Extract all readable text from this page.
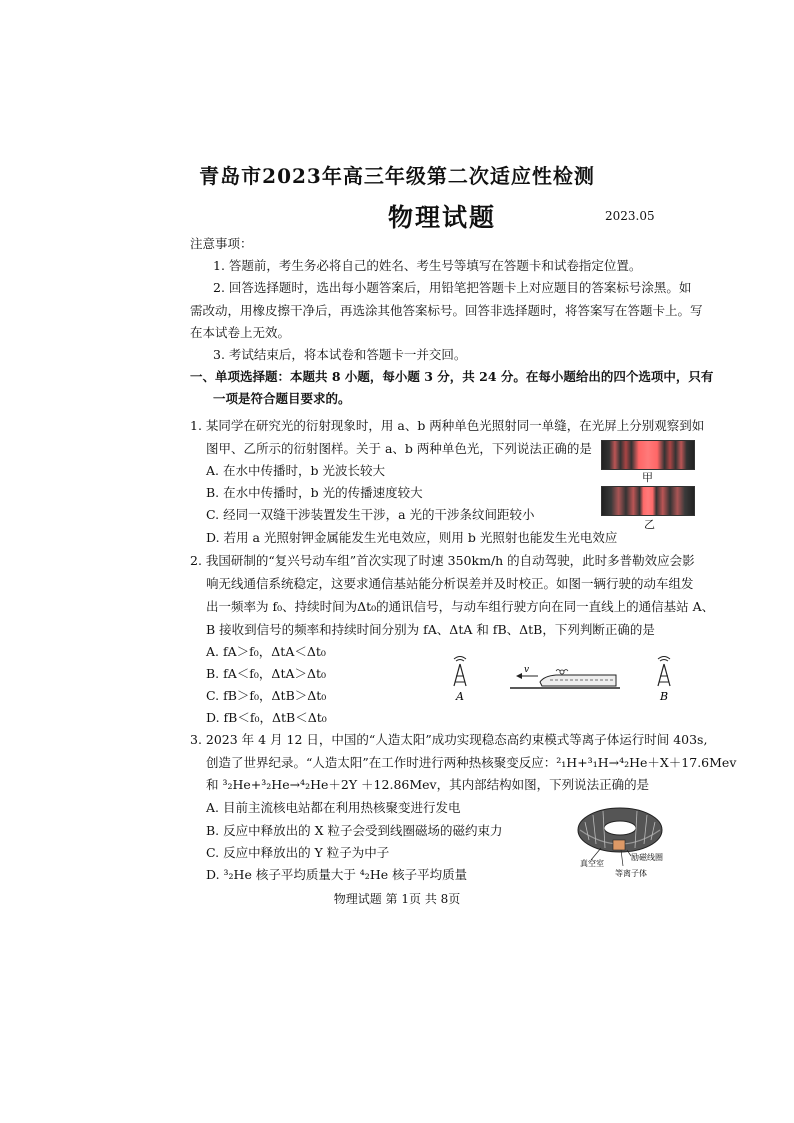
青岛市2023年高三年级第二次适应性检测
物理试题	2023.05
注意事项：
1. 答题前，考生务必将自己的姓名、考生号等填写在答题卡和试卷指定位置。
2. 回答选择题时，选出每小题答案后，用铅笔把答题卡上对应题目的答案标号涂黑。如
需改动，用橡皮擦干净后，再选涂其他答案标号。回答非选择题时，将答案写在答题卡上。写
在本试卷上无效。
3. 考试结束后，将本试卷和答题卡一并交回。
一、单项选择题：本题共 8 小题，每小题 3 分，共 24 分。在每小题给出的四个选项中，只有
一项是符合题目要求的。
1. 某同学在研究光的衍射现象时，用 a、b 两种单色光照射同一单缝，在光屏上分别观察到如
图甲、乙所示的衍射图样。关于 a、b 两种单色光，下列说法正确的是
A. 在水中传播时，b 光波长较大
B. 在水中传播时，b 光的传播速度较大
C. 经同一双缝干涉装置发生干涉，a 光的干涉条纹间距较小
D. 若用 a 光照射钾金属能发生光电效应，则用 b 光照射也能发生光电效应
甲
乙
2. 我国研制的“复兴号动车组”首次实现了时速 350km/h 的自动驾驶，此时多普勒效应会影
响无线通信系统稳定，这要求通信基站能分析误差并及时校正。如图一辆行驶的动车组发
出一频率为 f₀、持续时间为Δt₀的通讯信号，与动车组行驶方向在同一直线上的通信基站 A、
B 接收到信号的频率和持续时间分别为 fA、ΔtA 和 fB、ΔtB，下列判断正确的是
A. fA＞f₀，ΔtA＜Δt₀
B. fA＜f₀，ΔtA＞Δt₀
C. fB＞f₀，ΔtB＞Δt₀
D. fB＜f₀，ΔtB＜Δt₀
A	B
v
3. 2023 年 4 月 12 日，中国的“人造太阳”成功实现稳态高约束模式等离子体运行时间 403s,
创造了世界纪录。“人造太阳”在工作时进行两种热核聚变反应：²₁H+³₁H→⁴₂He＋X＋17.6Mev
和 ³₂He+³₂He→⁴₂He＋2Y ＋12.86Mev，其内部结构如图，下列说法正确的是
A. 目前主流核电站都在利用热核聚变进行发电
B. 反应中释放出的 X 粒子会受到线圈磁场的磁约束力
C. 反应中释放出的 Y 粒子为中子
D. ³₂He 核子平均质量大于 ⁴₂He 核子平均质量
真空室
励磁线圈
等离子体
物理试题 第 1页 共 8页
